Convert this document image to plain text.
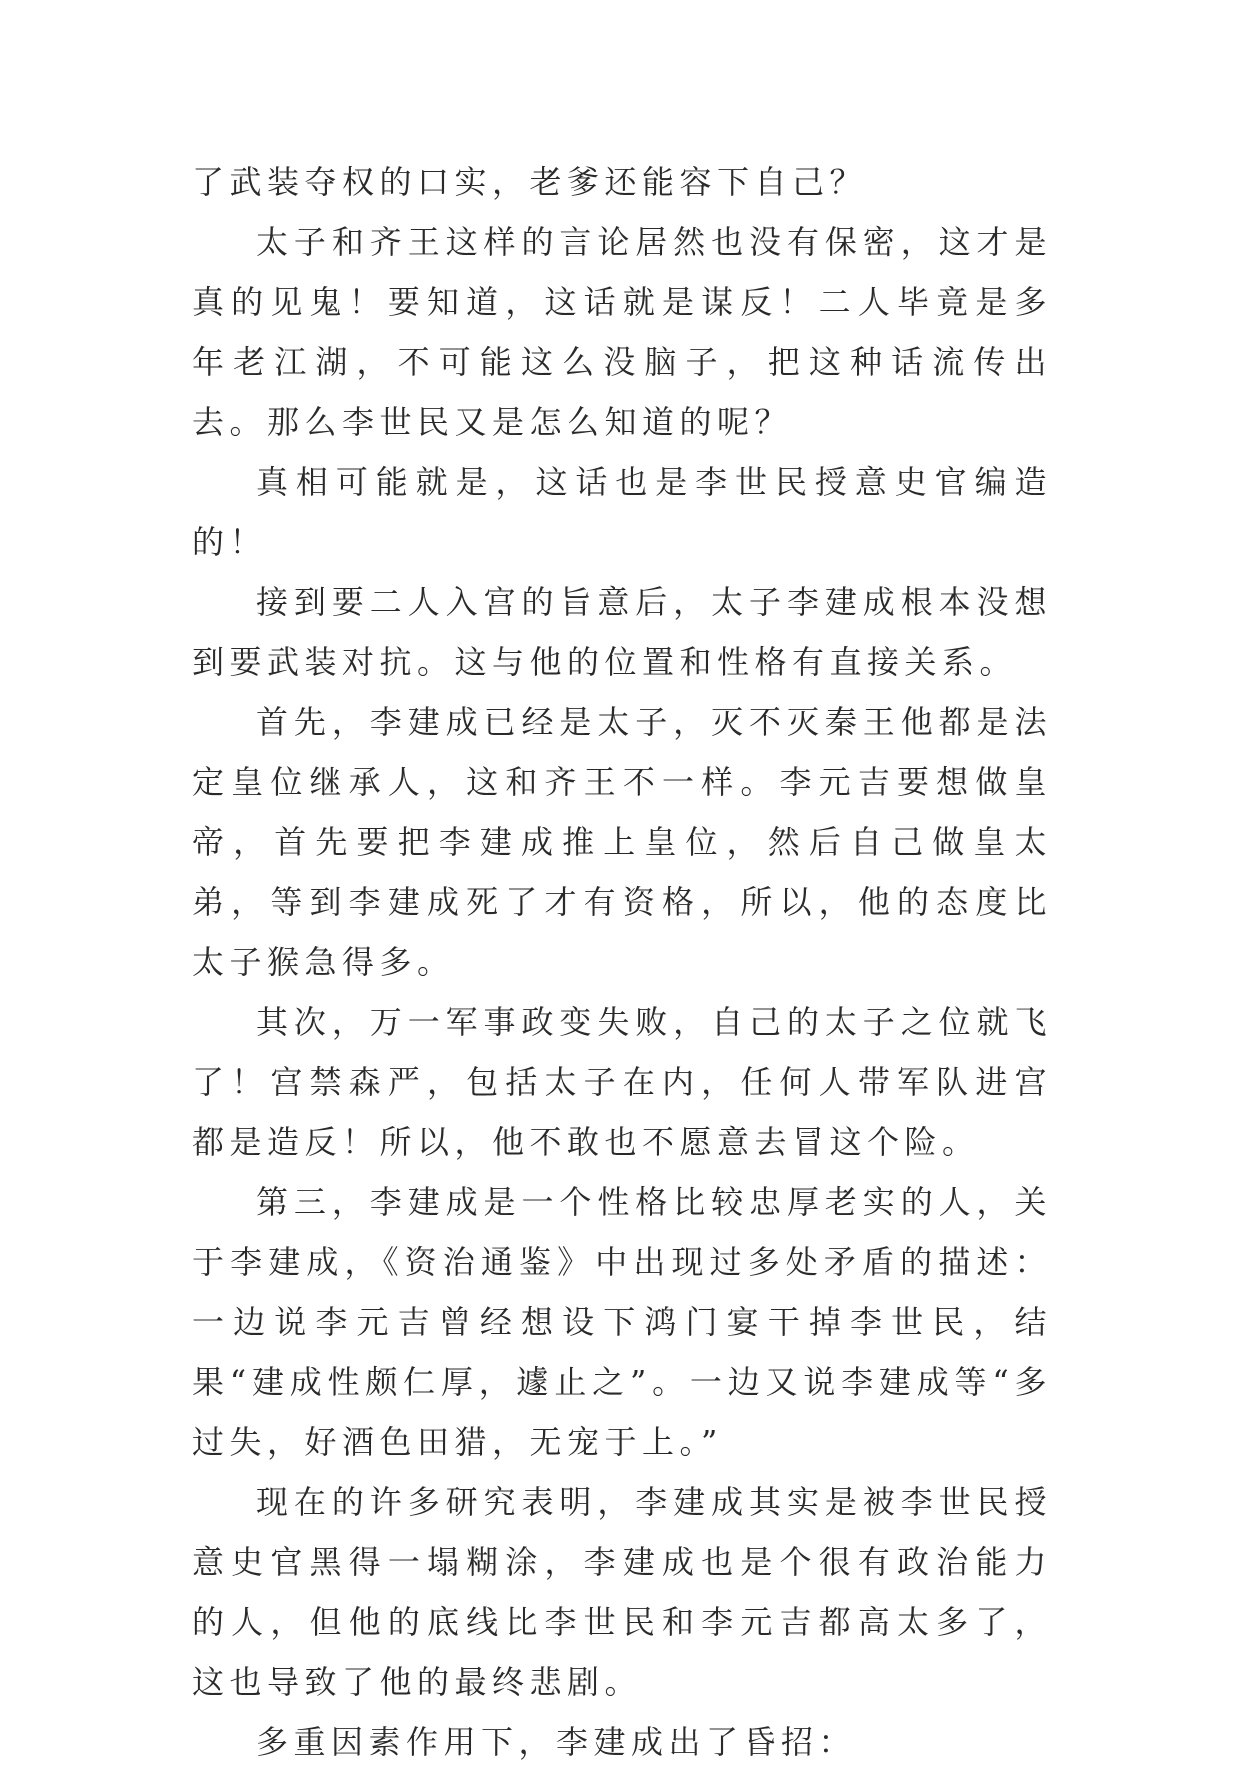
了武装夺权的口实，老爹还能容下自己？

太子和齐王这样的言论居然也没有保密，这才是真的见鬼！要知道，这话就是谋反！二人毕竟是多年老江湖，不可能这么没脑子，把这种话流传出去。那么李世民又是怎么知道的呢？

真相可能就是，这话也是李世民授意史官编造的！

接到要二人入宫的旨意后，太子李建成根本没想到要武装对抗。这与他的位置和性格有直接关系。

首先，李建成已经是太子，灭不灭秦王他都是法定皇位继承人，这和齐王不一样。李元吉要想做皇帝，首先要把李建成推上皇位，然后自己做皇太弟，等到李建成死了才有资格，所以，他的态度比太子猴急得多。

其次，万一军事政变失败，自己的太子之位就飞了！宫禁森严，包括太子在内，任何人带军队进宫都是造反！所以，他不敢也不愿意去冒这个险。

第三，李建成是一个性格比较忠厚老实的人，关于李建成，《资治通鉴》中出现过多处矛盾的描述：一边说李元吉曾经想设下鸿门宴干掉李世民，结果“建成性颇仁厚，遽止之”。一边又说李建成等“多过失，好酒色田猎，无宠于上。”

现在的许多研究表明，李建成其实是被李世民授意史官黑得一塌糊涂，李建成也是个很有政治能力的人，但他的底线比李世民和李元吉都高太多了，这也导致了他的最终悲剧。

多重因素作用下，李建成出了昏招：
